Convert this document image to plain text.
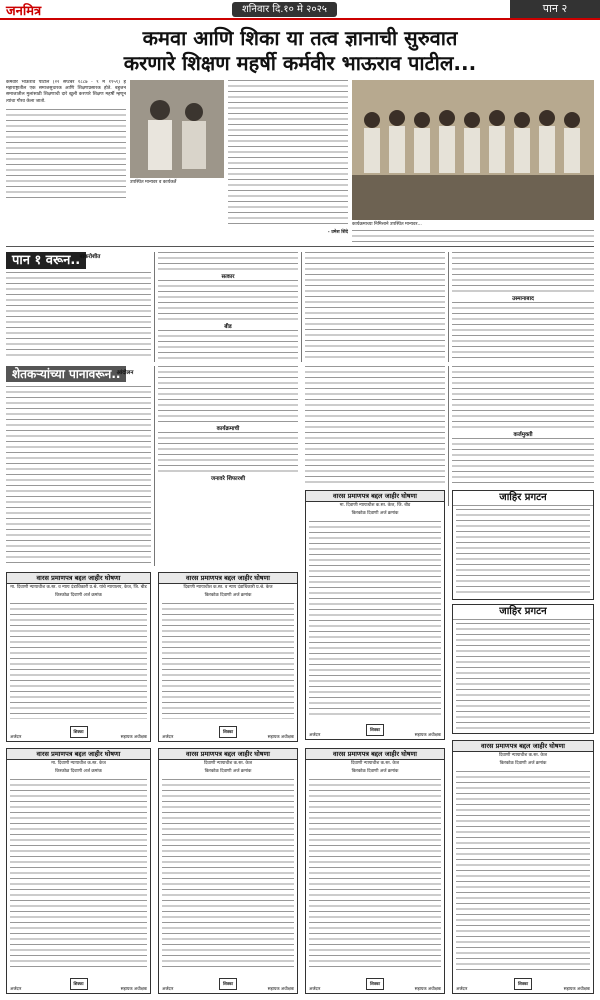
जनमित्र	शनिवार दि.१० मे २०२५	पान २
कमवा आणि शिका या तत्व ज्ञानाची सुरुवात
करणारे शिक्षण महर्षी कर्मवीर भाऊराव पाटील...
कर्मवीर भाऊराव पाटील (२२ सप्टेंबर १८८७ - ९ मे १९५९) हे महाराष्ट्रातील एक समाजसुधारक आणि शिक्षणप्रसारक होते. बहुजन समाजातील मुलांसाठी शिक्षणाची दारे खुली करणारे शिक्षण महर्षी म्हणून त्यांचा गौरव केला जातो.
उपस्थित मान्यवर व कार्यकर्ते
कार्यक्रमाच्या निमित्ताने उपस्थित मान्यवर...
- उमेश शिंदे
पान १ वरून.. बाकरोशीत
सत्कार
बीड
उस्मानाबाद
शेतकऱ्यांच्या पानावरून..
आंदोलन
कार्यक्रमाची
जनावरे शिफारशी
कर्जमुक्ती
जाहिर प्रगटन
जाहिर प्रगटन
वारस प्रमाणपत्र बद्दल जाहीर घोषणा
मा. दिवाणी न्यायाधीश क.स्त. व न्याय दंडाधिकारी प्र.श्रे. यांचे न्यायालय, केज, जि. बीड
किरकोळ दिवाणी अर्ज क्रमांक
अर्जदार
शिक्का
सहायक अधीक्षक
वारस प्रमाणपत्र बद्दल जाहीर घोषणा
दिवाणी न्यायाधीश क.स्त. व न्याय दंडाधिकारी प्र.श्रे. केज
किरकोळ दिवाणी अर्ज क्रमांक
अर्जदार
शिक्का
सहायक अधीक्षक
वारस प्रमाणपत्र बद्दल जाहीर घोषणा
मा. दिवाणी न्यायाधीश क.स्त. केज, जि. बीड
किरकोळ दिवाणी अर्ज क्रमांक
अर्जदार
शिक्का
सहायक अधीक्षक
वारस प्रमाणपत्र बद्दल जाहीर घोषणा
मा. दिवाणी न्यायाधीश क.स्त. केज
किरकोळ दिवाणी अर्ज क्रमांक
अर्जदार
शिक्का
सहायक अधीक्षक
वारस प्रमाणपत्र बद्दल जाहीर घोषणा
दिवाणी न्यायाधीश क.स्त. केज
किरकोळ दिवाणी अर्ज क्रमांक
अर्जदार
शिक्का
सहायक अधीक्षक
वारस प्रमाणपत्र बद्दल जाहीर घोषणा
दिवाणी न्यायाधीश क.स्त. केज
किरकोळ दिवाणी अर्ज क्रमांक
अर्जदार
शिक्का
सहायक अधीक्षक
वारस प्रमाणपत्र बद्दल जाहीर घोषणा
दिवाणी न्यायाधीश क.स्त. केज
किरकोळ दिवाणी अर्ज क्रमांक
अर्जदार
शिक्का
सहायक अधीक्षक
